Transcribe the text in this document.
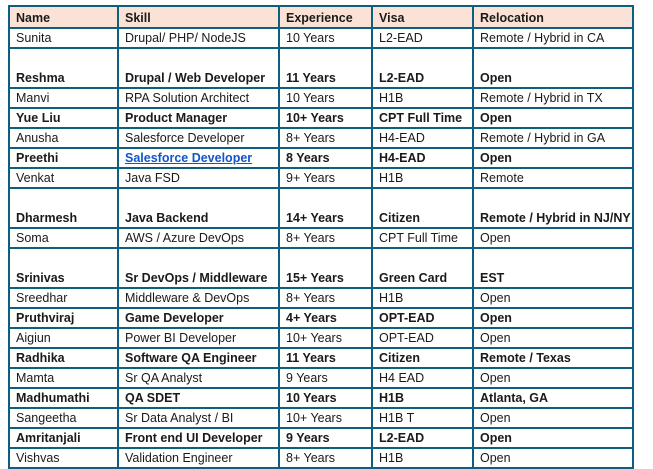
Name	Skill	Experience	Visa	Relocation
Sunita	Drupal/ PHP/ NodeJS	10 Years	L2-EAD	Remote / Hybrid in CA
Reshma	Drupal / Web Developer	11 Years	L2-EAD	Open
Manvi	RPA Solution Architect	10 Years	H1B	Remote / Hybrid in TX
Yue Liu	Product Manager	10+ Years	CPT Full Time	Open
Anusha	Salesforce Developer	8+ Years	H4-EAD	Remote / Hybrid in GA
Preethi	Salesforce Developer	8 Years	H4-EAD	Open
Venkat	Java FSD	9+ Years	H1B	Remote
Dharmesh	Java Backend	14+ Years	Citizen	Remote / Hybrid in NJ/NY
Soma	AWS / Azure DevOps	8+ Years	CPT Full Time	Open
Srinivas	Sr DevOps / Middleware	15+ Years	Green Card	EST
Sreedhar	Middleware & DevOps	8+ Years	H1B	Open
Pruthviraj	Game Developer	4+ Years	OPT-EAD	Open
Aigiun	Power BI Developer	10+ Years	OPT-EAD	Open
Radhika	Software QA Engineer	11 Years	Citizen	Remote / Texas
Mamta	Sr QA Analyst	9 Years	H4 EAD	Open
Madhumathi	QA SDET	10 Years	H1B	Atlanta, GA
Sangeetha	Sr Data Analyst / BI	10+ Years	H1B T	Open
Amritanjali	Front end UI Developer	9 Years	L2-EAD	Open
Vishvas	Validation Engineer	8+ Years	H1B	Open
